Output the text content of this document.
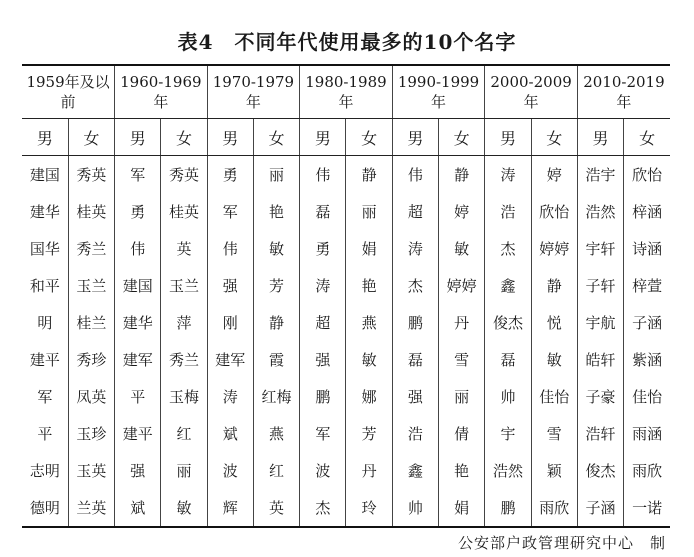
表4　不同年代使用最多的10个名字
1959年及以前		1960-1969年		1970-1979年		1980-1989年		1990-1999年		2000-2009年		2010-2019年	
男	女	男	女	男	女	男	女	男	女	男	女	男	女
建国	秀英	军	秀英	勇	丽	伟	静	伟	静	涛	婷	浩宇	欣怡
建华	桂英	勇	桂英	军	艳	磊	丽	超	婷	浩	欣怡	浩然	梓涵
国华	秀兰	伟	英	伟	敏	勇	娟	涛	敏	杰	婷婷	宇轩	诗涵
和平	玉兰	建国	玉兰	强	芳	涛	艳	杰	婷婷	鑫	静	子轩	梓萱
明	桂兰	建华	萍	刚	静	超	燕	鹏	丹	俊杰	悦	宇航	子涵
建平	秀珍	建军	秀兰	建军	霞	强	敏	磊	雪	磊	敏	皓轩	紫涵
军	凤英	平	玉梅	涛	红梅	鹏	娜	强	丽	帅	佳怡	子豪	佳怡
平	玉珍	建平	红	斌	燕	军	芳	浩	倩	宇	雪	浩轩	雨涵
志明	玉英	强	丽	波	红	波	丹	鑫	艳	浩然	颖	俊杰	雨欣
德明	兰英	斌	敏	辉	英	杰	玲	帅	娟	鹏	雨欣	子涵	一诺
公安部户政管理研究中心　制
